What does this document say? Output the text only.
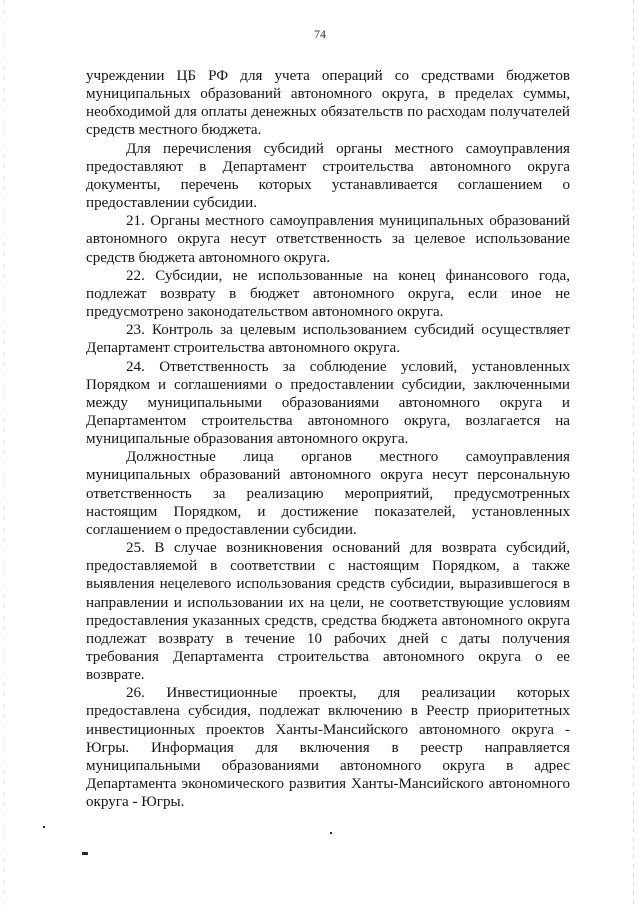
74

учреждении ЦБ РФ для учета операций со средствами бюджетов муниципальных образований автономного округа, в пределах суммы, необходимой для оплаты денежных обязательств по расходам получателей средств местного бюджета.

Для перечисления субсидий органы местного самоуправления предоставляют в Департамент строительства автономного округа документы, перечень которых устанавливается соглашением о предоставлении субсидии.

21. Органы местного самоуправления муниципальных образований автономного округа несут ответственность за целевое использование средств бюджета автономного округа.

22. Субсидии, не использованные на конец финансового года, подлежат возврату в бюджет автономного округа, если иное не предусмотрено законодательством автономного округа.

23. Контроль за целевым использованием субсидий осуществляет Департамент строительства автономного округа.

24. Ответственность за соблюдение условий, установленных Порядком и соглашениями о предоставлении субсидии, заключенными между муниципальными образованиями автономного округа и Департаментом строительства автономного округа, возлагается на муниципальные образования автономного округа.

Должностные лица органов местного самоуправления муниципальных образований автономного округа несут персональную ответственность за реализацию мероприятий, предусмотренных настоящим Порядком, и достижение показателей, установленных соглашением о предоставлении субсидии.

25. В случае возникновения оснований для возврата субсидий, предоставляемой в соответствии с настоящим Порядком, а также выявления нецелевого использования средств субсидии, выразившегося в направлении и использовании их на цели, не соответствующие условиям предоставления указанных средств, средства бюджета автономного округа подлежат возврату в течение 10 рабочих дней с даты получения требования Департамента строительства автономного округа о ее возврате.

26. Инвестиционные проекты, для реализации которых предоставлена субсидия, подлежат включению в Реестр приоритетных инвестиционных проектов Ханты-Мансийского автономного округа - Югры. Информация для включения в реестр направляется муниципальными образованиями автономного округа в адрес Департамента экономического развития Ханты-Мансийского автономного округа - Югры.
